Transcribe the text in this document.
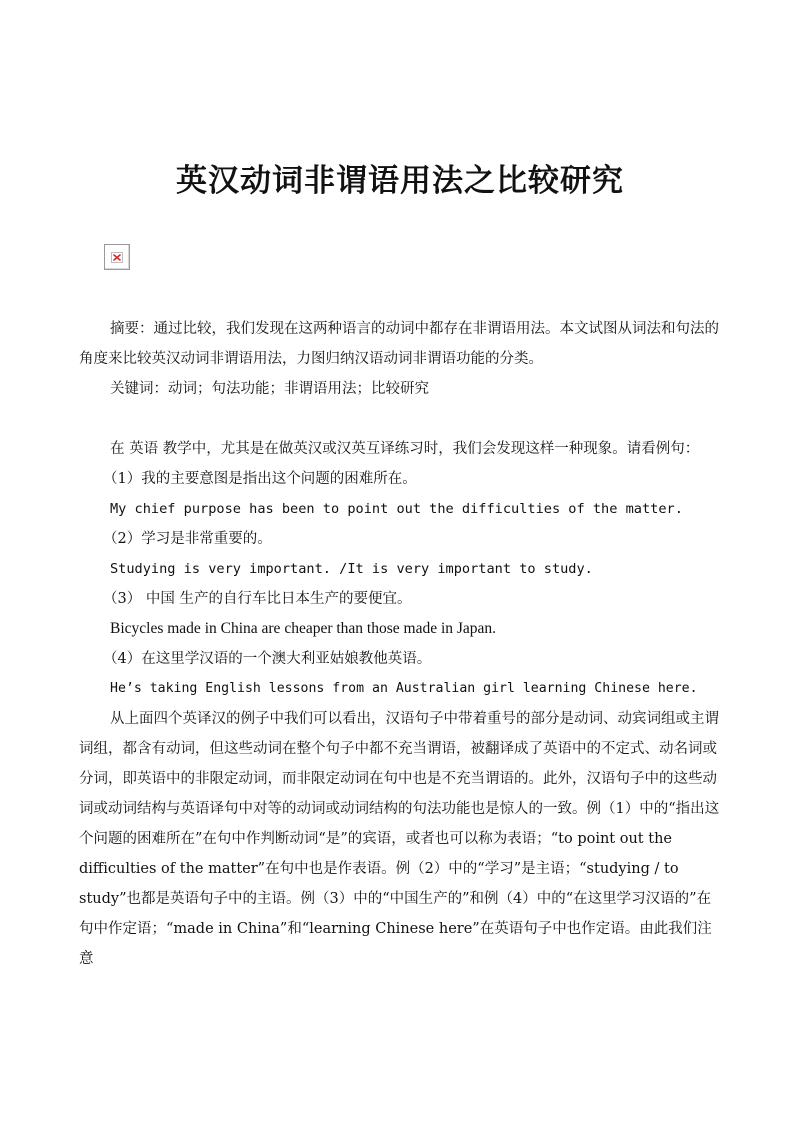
英汉动词非谓语用法之比较研究

摘要：通过比较，我们发现在这两种语言的动词中都存在非谓语用法。本文试图从词法和句法的角度来比较英汉动词非谓语用法，力图归纳汉语动词非谓语功能的分类。

关键词：动词；句法功能；非谓语用法；比较研究

在 英语 教学中，尤其是在做英汉或汉英互译练习时，我们会发现这样一种现象。请看例句：

（1）我的主要意图是指出这个问题的困难所在。

My chief purpose has been to point out the difficulties of the matter.

（2）学习是非常重要的。

Studying is very important. /It is very important to study.

（3） 中国 生产的自行车比日本生产的要便宜。

Bicycles made in China are cheaper than those made in Japan.

（4）在这里学汉语的一个澳大利亚姑娘教他英语。

He’s taking English lessons from an Australian girl learning Chinese here.

从上面四个英译汉的例子中我们可以看出，汉语句子中带着重号的部分是动词、动宾词组或主谓词组，都含有动词，但这些动词在整个句子中都不充当谓语，被翻译成了英语中的不定式、动名词或分词，即英语中的非限定动词，而非限定动词在句中也是不充当谓语的。此外，汉语句子中的这些动词或动词结构与英语译句中对等的动词或动词结构的句法功能也是惊人的一致。例（1）中的“指出这个问题的困难所在”在句中作判断动词“是”的宾语，或者也可以称为表语；“to point out the difficulties of the matter”在句中也是作表语。例（2）中的“学习”是主语；“studying / to study”也都是英语句子中的主语。例（3）中的“中国生产的”和例（4）中的“在这里学习汉语的”在句中作定语；“made in China”和“learning Chinese here”在英语句子中也作定语。由此我们注意
